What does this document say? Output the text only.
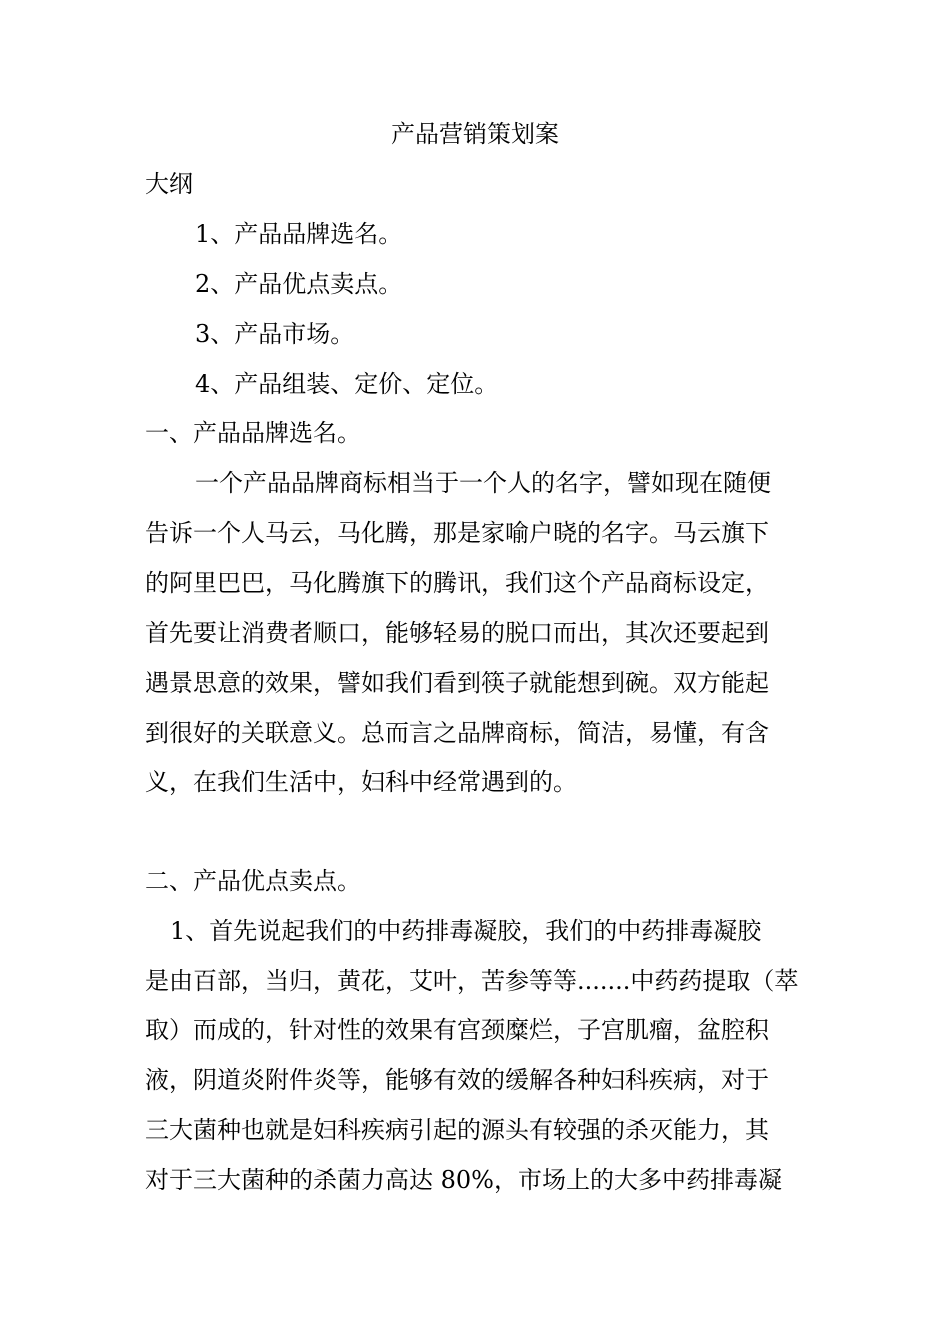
产品营销策划案
大纲
1、产品品牌选名。
2、产品优点卖点。
3、产品市场。
4、产品组装、定价、定位。
一、产品品牌选名。
一个产品品牌商标相当于一个人的名字，譬如现在随便
告诉一个人马云，马化腾，那是家喻户晓的名字。马云旗下
的阿里巴巴，马化腾旗下的腾讯，我们这个产品商标设定，
首先要让消费者顺口，能够轻易的脱口而出，其次还要起到
遇景思意的效果，譬如我们看到筷子就能想到碗。双方能起
到很好的关联意义。总而言之品牌商标，简洁，易懂，有含
义，在我们生活中，妇科中经常遇到的。
二、产品优点卖点。
1、首先说起我们的中药排毒凝胶，我们的中药排毒凝胶
是由百部，当归，黄花，艾叶，苦参等等.......中药药提取（萃
取）而成的，针对性的效果有宫颈糜烂，子宫肌瘤，盆腔积
液，阴道炎附件炎等，能够有效的缓解各种妇科疾病，对于
三大菌种也就是妇科疾病引起的源头有较强的杀灭能力，其
对于三大菌种的杀菌力高达 80%，市场上的大多中药排毒凝
